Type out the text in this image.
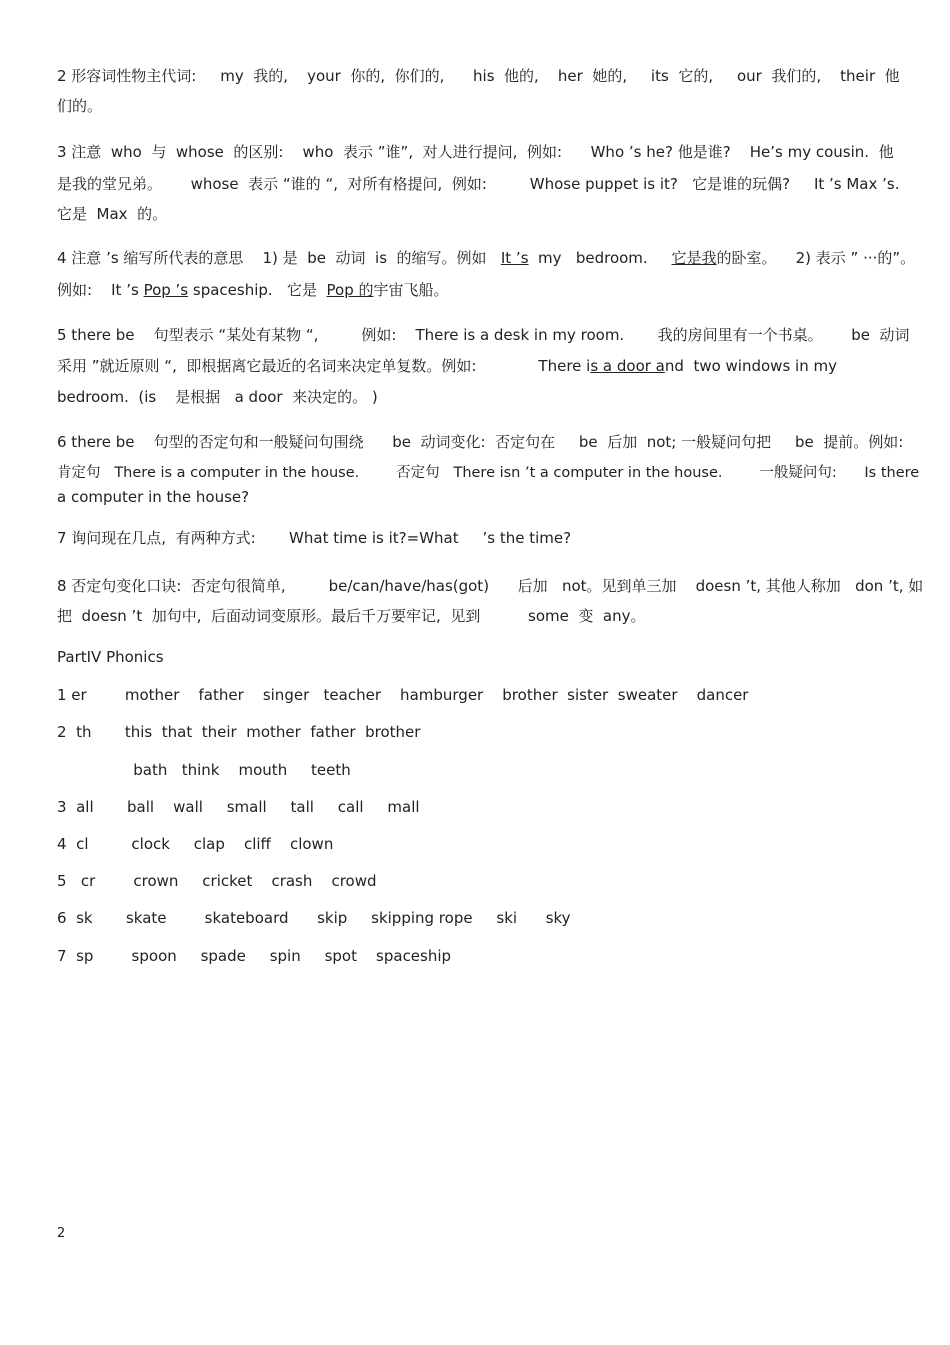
2 形容词性物主代词:     my  我的,    your  你的,  你们的,      his  他的,    her  她的,     its  它的,     our  我们的,    their  他
们的。
3 注意  who  与  whose  的区别:    who  表示 ”谁”,  对人进行提问,  例如:      Who ’s he? 他是谁?    He’s my cousin.  他
是我的堂兄弟。      whose  表示 “谁的 “,  对所有格提问,  例如:         Whose puppet is it?   它是谁的玩偶?     It ’s Max ’s.
它是  Max  的。
4 注意 ’s 缩写所代表的意思    1) 是  be  动词  is  的缩写。例如   It ’s  my   bedroom.     它是我的卧室。    2) 表示 ” ···的”。
例如:    It ’s Pop ’s spaceship.   它是  Pop 的宇宙飞船。
5 there be    句型表示 “某处有某物 “,         例如:    There is a desk in my room.       我的房间里有一个书桌。      be  动词
采用 ”就近原则 “,  即根据离它最近的名词来决定单复数。例如:             There is a door and  two windows in my
bedroom.  (is    是根据   a door  来决定的。 )
6 there be    句型的否定句和一般疑问句围绕      be  动词变化:  否定句在     be  后加  not; 一般疑问句把     be  提前。例如:
肯定句   There is a computer in the house.        否定句   There isn ’t a computer in the house.        一般疑问句:      Is there
a computer in the house?
7 询问现在几点,  有两种方式:       What time is it?=What     ’s the time?
8 否定句变化口诀:  否定句很简单,         be/can/have/has(got)      后加   not。见到单三加    doesn ’t, 其他人称加   don ’t, 如
把  doesn ’t  加句中,  后面动词变原形。最后千万要牢记,  见到          some  变  any。
PartIV Phonics
1 er        mother    father    singer   teacher    hamburger    brother  sister  sweater    dancer
2  th       this  that  their  mother  father  brother
bath   think    mouth     teeth
3  all       ball    wall     small     tall     call     mall
4  cl         clock     clap    cliff    clown
5   cr        crown     cricket    crash    crowd
6  sk       skate        skateboard      skip     skipping rope     ski      sky
7  sp        spoon     spade     spin     spot    spaceship
2
